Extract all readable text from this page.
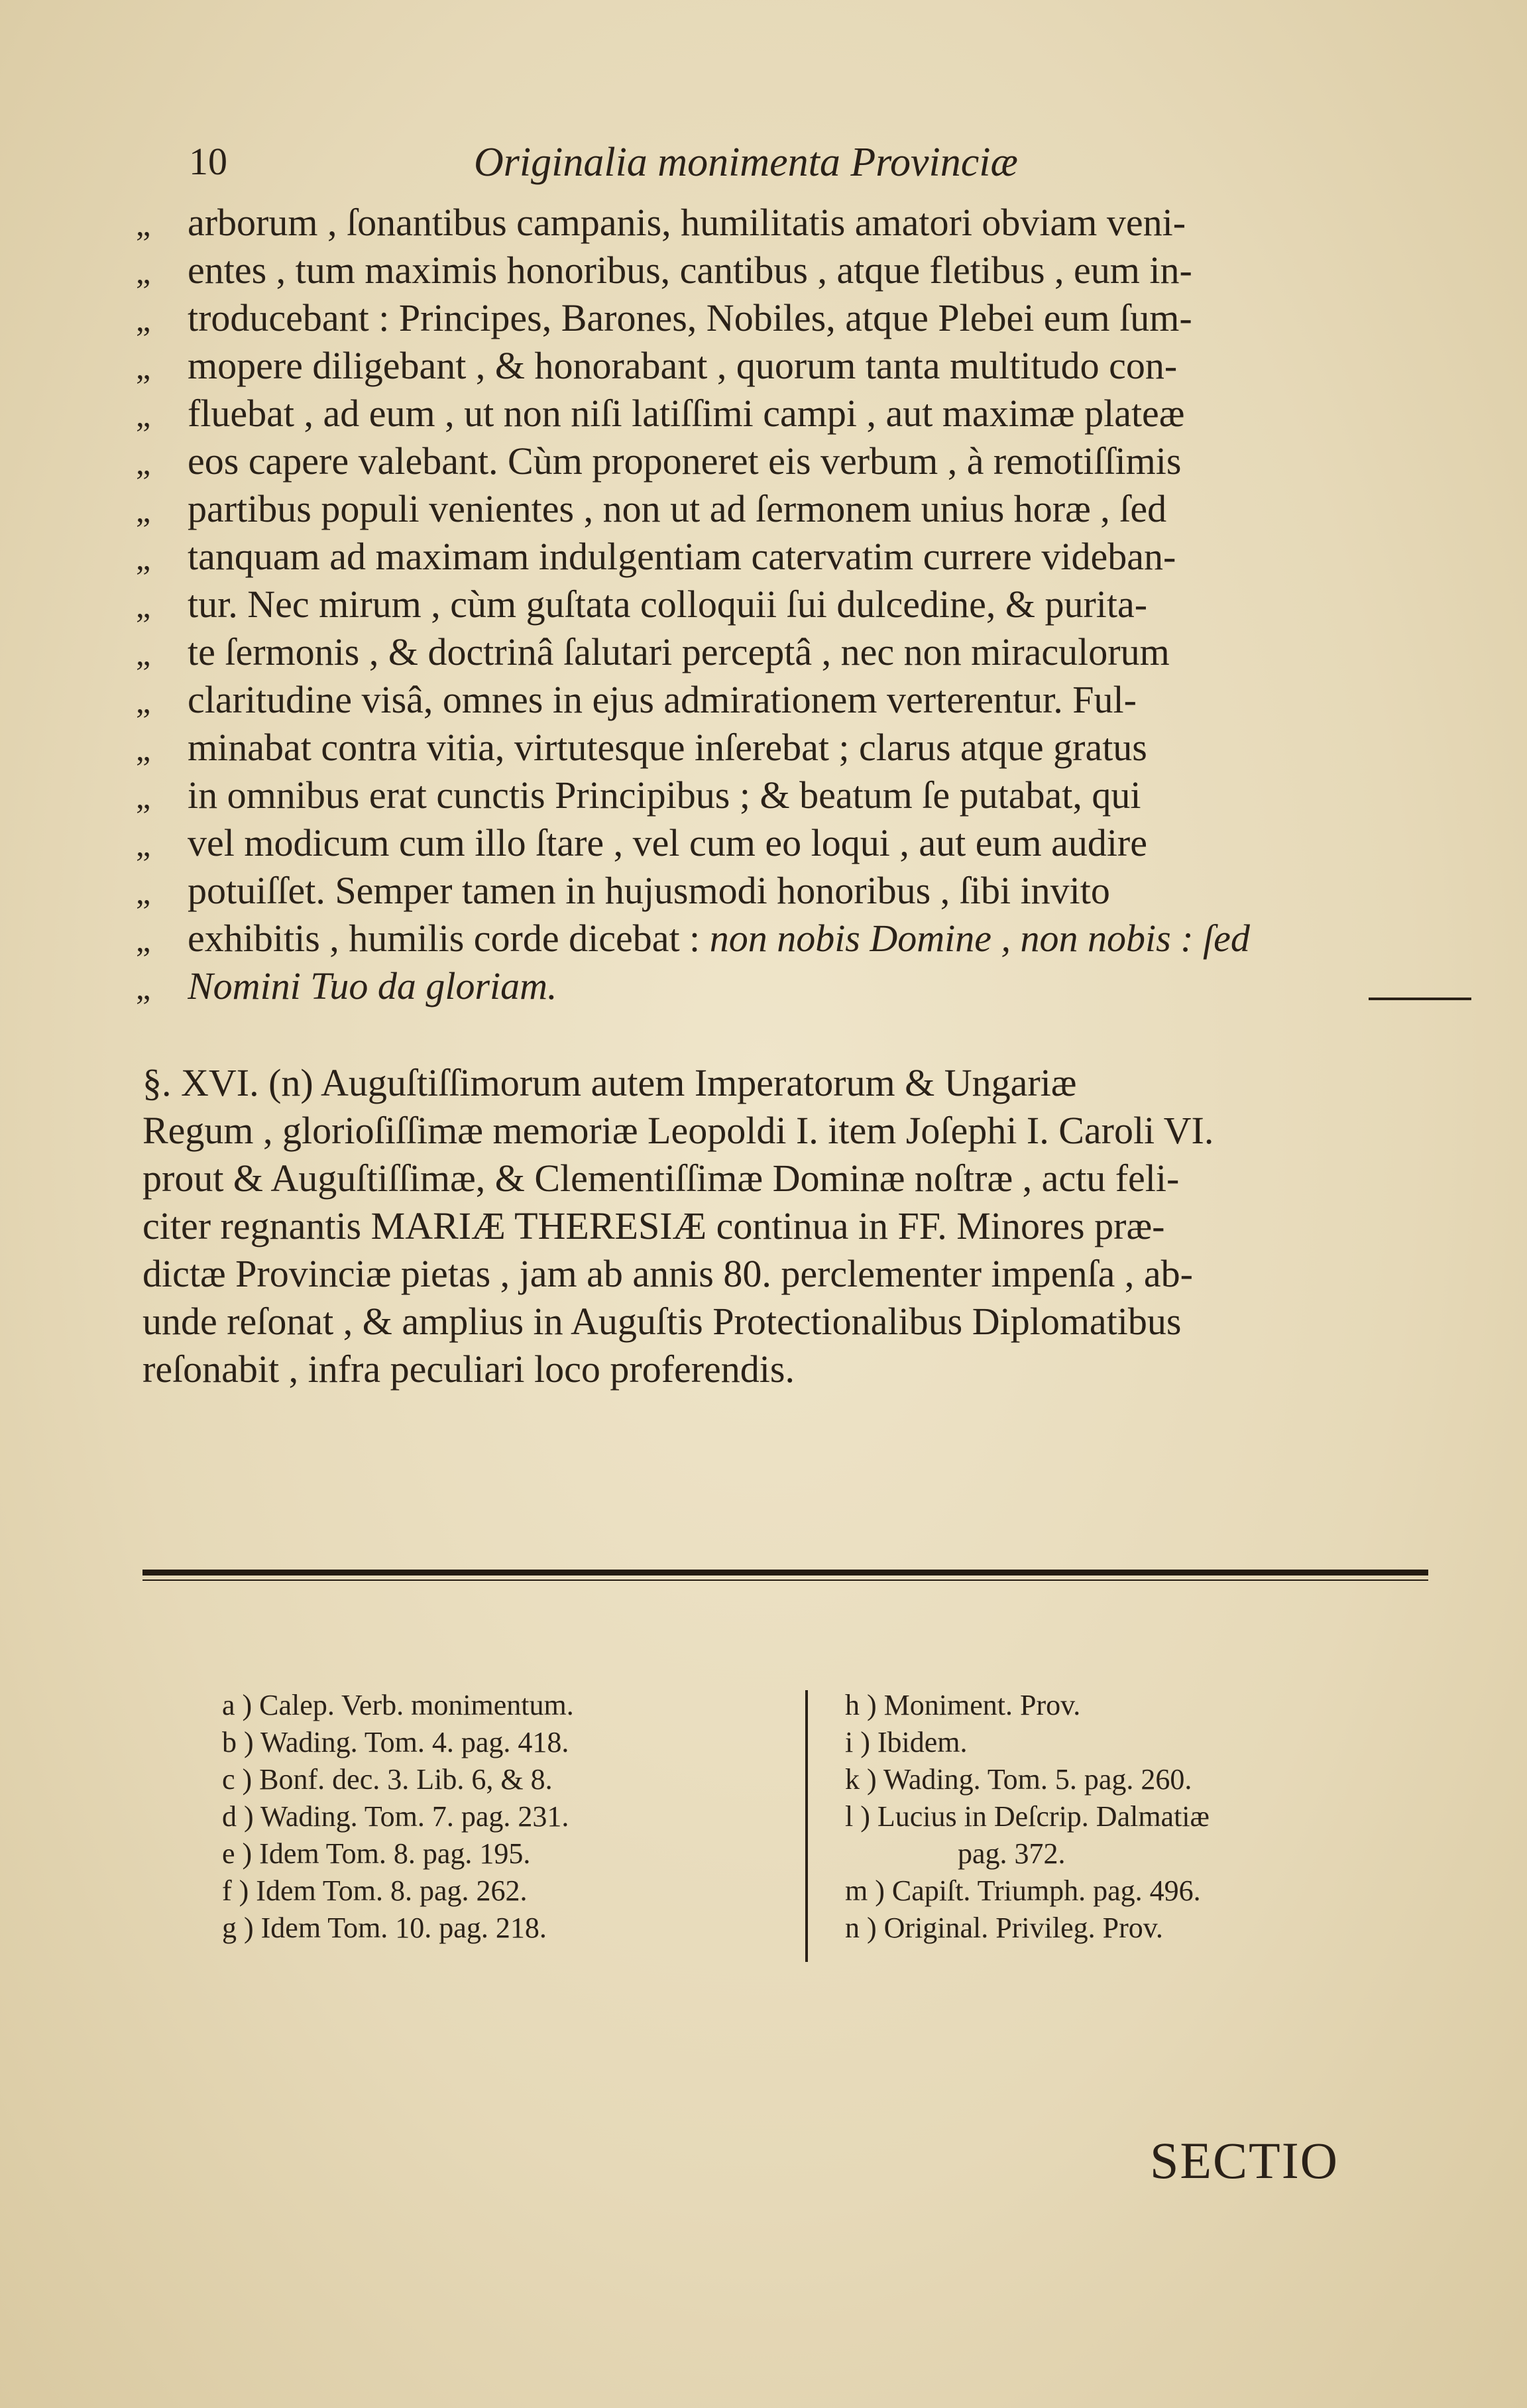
10	Originalia monimenta Provinciæ
„ arborum , ſonantibus campanis, humilitatis amatori obviam veni-
„ entes , tum maximis honoribus, cantibus , atque fletibus , eum in-
„ troducebant : Principes, Barones, Nobiles, atque Plebei eum ſum-
„ mopere diligebant , & honorabant , quorum tanta multitudo con-
„ fluebat , ad eum , ut non niſi latiſſimi campi , aut maximæ plateæ
„ eos capere valebant. Cùm proponeret eis verbum , à remotiſſimis
„ partibus populi venientes , non ut ad ſermonem unius horæ , ſed
„ tanquam ad maximam indulgentiam catervatim currere videban-
„ tur. Nec mirum , cùm guſtata colloquii ſui dulcedine, & purita-
„ te ſermonis , & doctrinâ ſalutari perceptâ , nec non miraculorum
„ claritudine visâ, omnes in ejus admirationem verterentur. Ful-
„ minabat contra vitia, virtutesque inſerebat ; clarus atque gratus
„ in omnibus erat cunctis Principibus ; & beatum ſe putabat, qui
„ vel modicum cum illo ſtare , vel cum eo loqui , aut eum audire
„ potuiſſet. Semper tamen in hujusmodi honoribus , ſibi invito
„ exhibitis , humilis corde dicebat : non nobis Domine , non nobis : ſed
„ Nomini Tuo da gloriam.
§. XVI. (n) Auguſtiſſimorum autem Imperatorum & Ungariæ
Regum , glorioſiſſimæ memoriæ Leopoldi I. item Joſephi I. Caroli VI.
prout & Auguſtiſſimæ, & Clementiſſimæ Dominæ noſtræ , actu feli-
citer regnantis MARIÆ THERESIÆ continua in FF. Minores præ-
dictæ Provinciæ pietas , jam ab annis 80. perclementer impenſa , ab-
unde reſonat , & amplius in Auguſtis Protectionalibus Diplomatibus
reſonabit , infra peculiari loco proferendis.
a ) Calep. Verb. monimentum.
b ) Wading. Tom. 4. pag. 418.
c ) Bonf. dec. 3. Lib. 6, & 8.
d ) Wading. Tom. 7. pag. 231.
e ) Idem Tom. 8. pag. 195.
f ) Idem Tom. 8. pag. 262.
g ) Idem Tom. 10. pag. 218.
h ) Moniment. Prov.
i ) Ibidem.
k ) Wading. Tom. 5. pag. 260.
l ) Lucius in Deſcrip. Dalmatiæ
pag. 372.
m ) Capiſt. Triumph. pag. 496.
n ) Original. Privileg. Prov.
SECTIO
